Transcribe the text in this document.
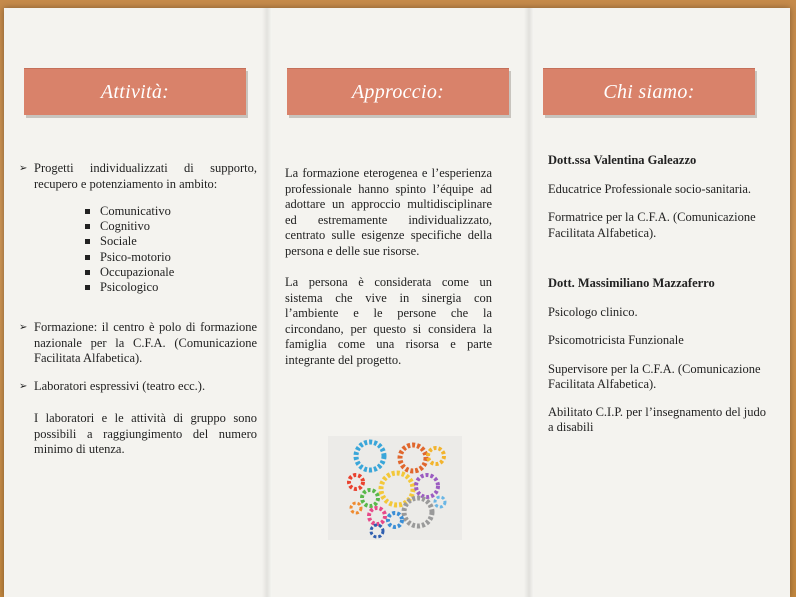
Attività:
➢ Progetti individualizzati di supporto, recupero e potenziamento in ambito:
Comunicativo
Cognitivo
Sociale
Psico-motorio
Occupazionale
Psicologico
➢ Formazione: il centro è polo di formazione nazionale per la C.F.A. (Comunicazione Facilitata Alfabetica).
➢ Laboratori espressivi (teatro ecc.).

I laboratori e le attività di gruppo sono possibili a raggiungimento del numero minimo di utenza.

Approccio:

La formazione eterogenea e l’esperienza professionale hanno spinto l’équipe ad adottare un approccio multidisciplinare ed estremamente individualizzato, centrato sulle esigenze specifiche della persona e delle sue risorse.

La persona è considerata come un sistema che vive in sinergia con l’ambiente e le persone che la circondano, per questo si considera la famiglia come una risorsa e parte integrante del progetto.

Chi siamo:

Dott.ssa Valentina Galeazzo

Educatrice Professionale socio-sanitaria.

Formatrice per la C.F.A. (Comunicazione Facilitata Alfabetica).

Dott. Massimiliano Mazzaferro

Psicologo clinico.

Psicomotricista Funzionale

Supervisore per la C.F.A. (Comunicazione Facilitata Alfabetica).

Abilitato C.I.P. per l’insegnamento del judo a disabili
